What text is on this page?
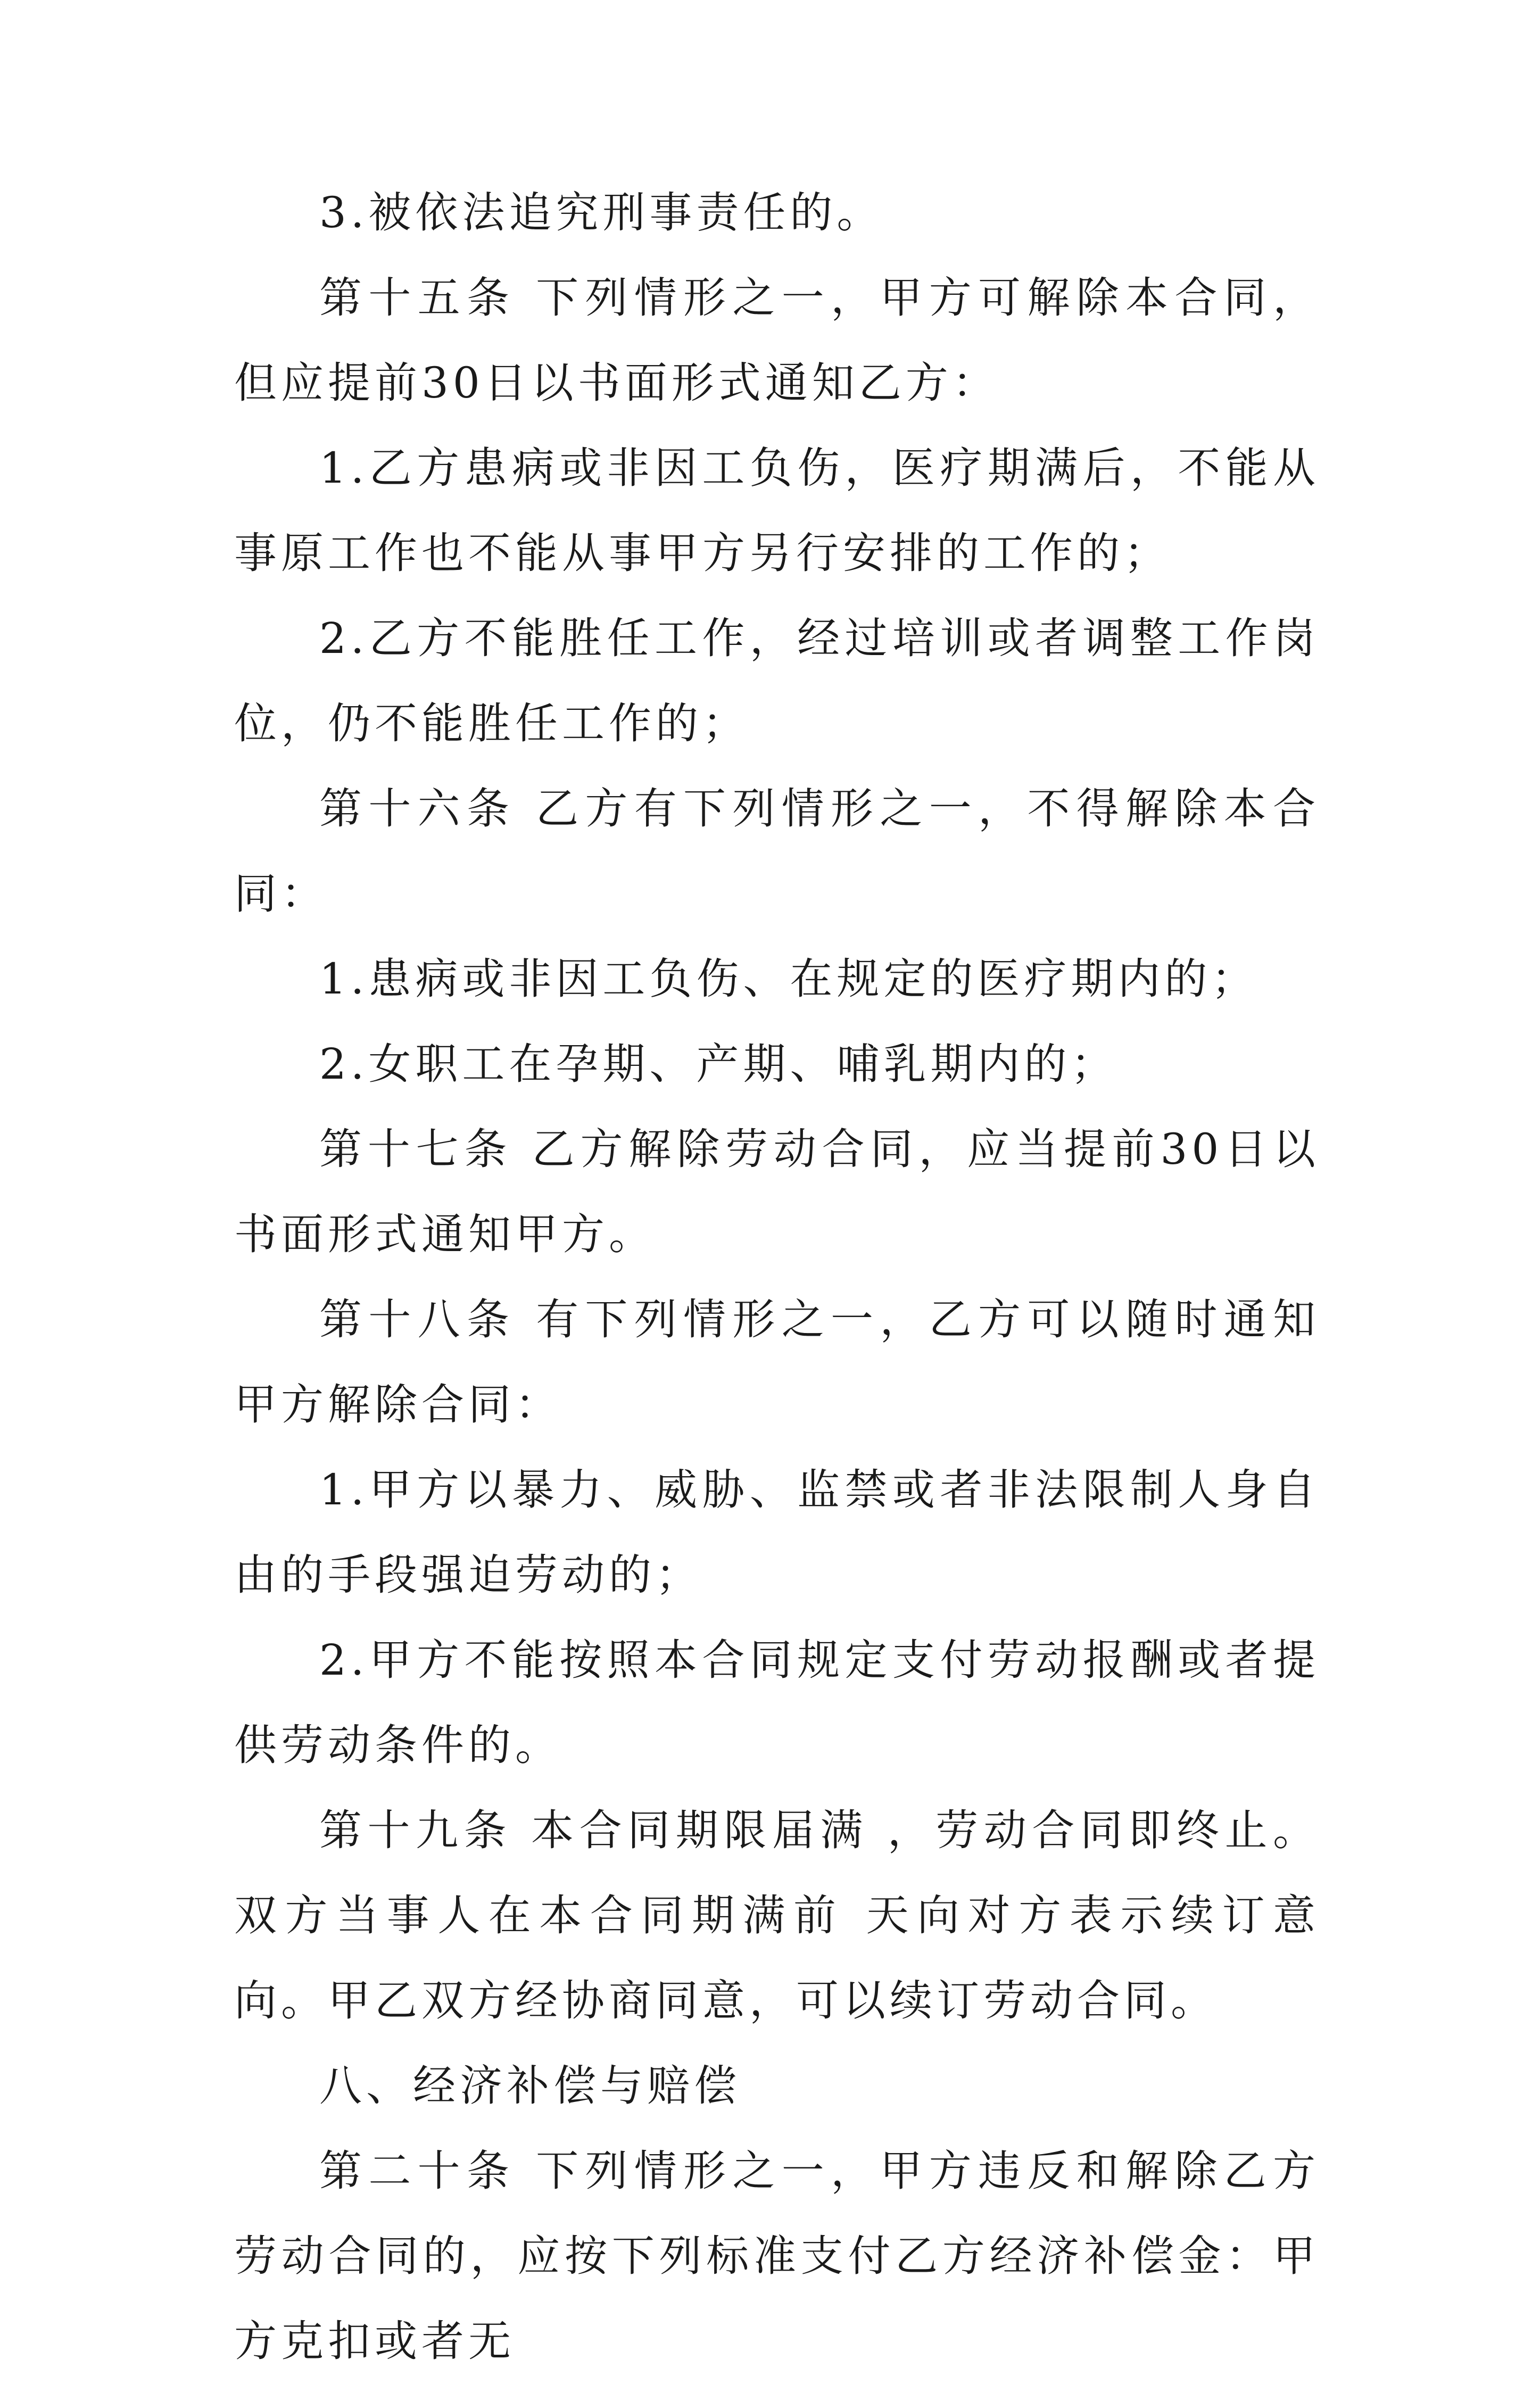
3.被依法追究刑事责任的。

第十五条 下列情形之一，甲方可解除本合同，但应提前30日以书面形式通知乙方：

1.乙方患病或非因工负伤，医疗期满后，不能从事原工作也不能从事甲方另行安排的工作的；

2.乙方不能胜任工作，经过培训或者调整工作岗位，仍不能胜任工作的；

第十六条 乙方有下列情形之一，不得解除本合同：

1.患病或非因工负伤、在规定的医疗期内的；

2.女职工在孕期、产期、哺乳期内的；

第十七条 乙方解除劳动合同，应当提前30日以书面形式通知甲方。

第十八条 有下列情形之一，乙方可以随时通知甲方解除合同：

1.甲方以暴力、威胁、监禁或者非法限制人身自由的手段强迫劳动的；

2.甲方不能按照本合同规定支付劳动报酬或者提供劳动条件的。

第十九条 本合同期限届满 ，劳动合同即终止。双方当事人在本合同期满前 天向对方表示续订意向。甲乙双方经协商同意，可以续订劳动合同。

八、经济补偿与赔偿

第二十条 下列情形之一，甲方违反和解除乙方劳动合同的，应按下列标准支付乙方经济补偿金：甲方克扣或者无
